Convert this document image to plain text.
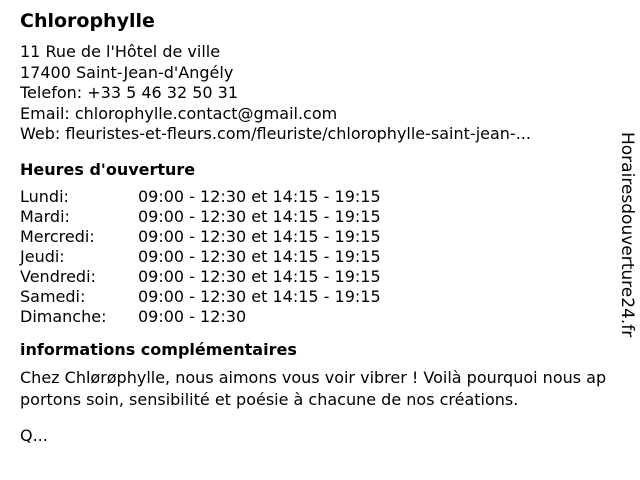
Chlorophylle
11 Rue de l'Hôtel de ville
17400 Saint-Jean-d'Angély
Telefon: +33 5 46 32 50 31
Email: chlorophylle.contact@gmail.com
Web: fleuristes-et-fleurs.com/fleuriste/chlorophylle-saint-jean-...
Heures d'ouverture
Lundi:	09:00 - 12:30 et 14:15 - 19:15
Mardi:	09:00 - 12:30 et 14:15 - 19:15
Mercredi:	09:00 - 12:30 et 14:15 - 19:15
Jeudi:	09:00 - 12:30 et 14:15 - 19:15
Vendredi:	09:00 - 12:30 et 14:15 - 19:15
Samedi:	09:00 - 12:30 et 14:15 - 19:15
Dimanche:	09:00 - 12:30
informations complémentaires
Chez Chlørøphylle, nous aimons vous voir vibrer ! Voilà pourquoi nous apportons soin, sensibilité et poésie à chacune de nos créations.
Q...
Horairesdouverture24.fr
